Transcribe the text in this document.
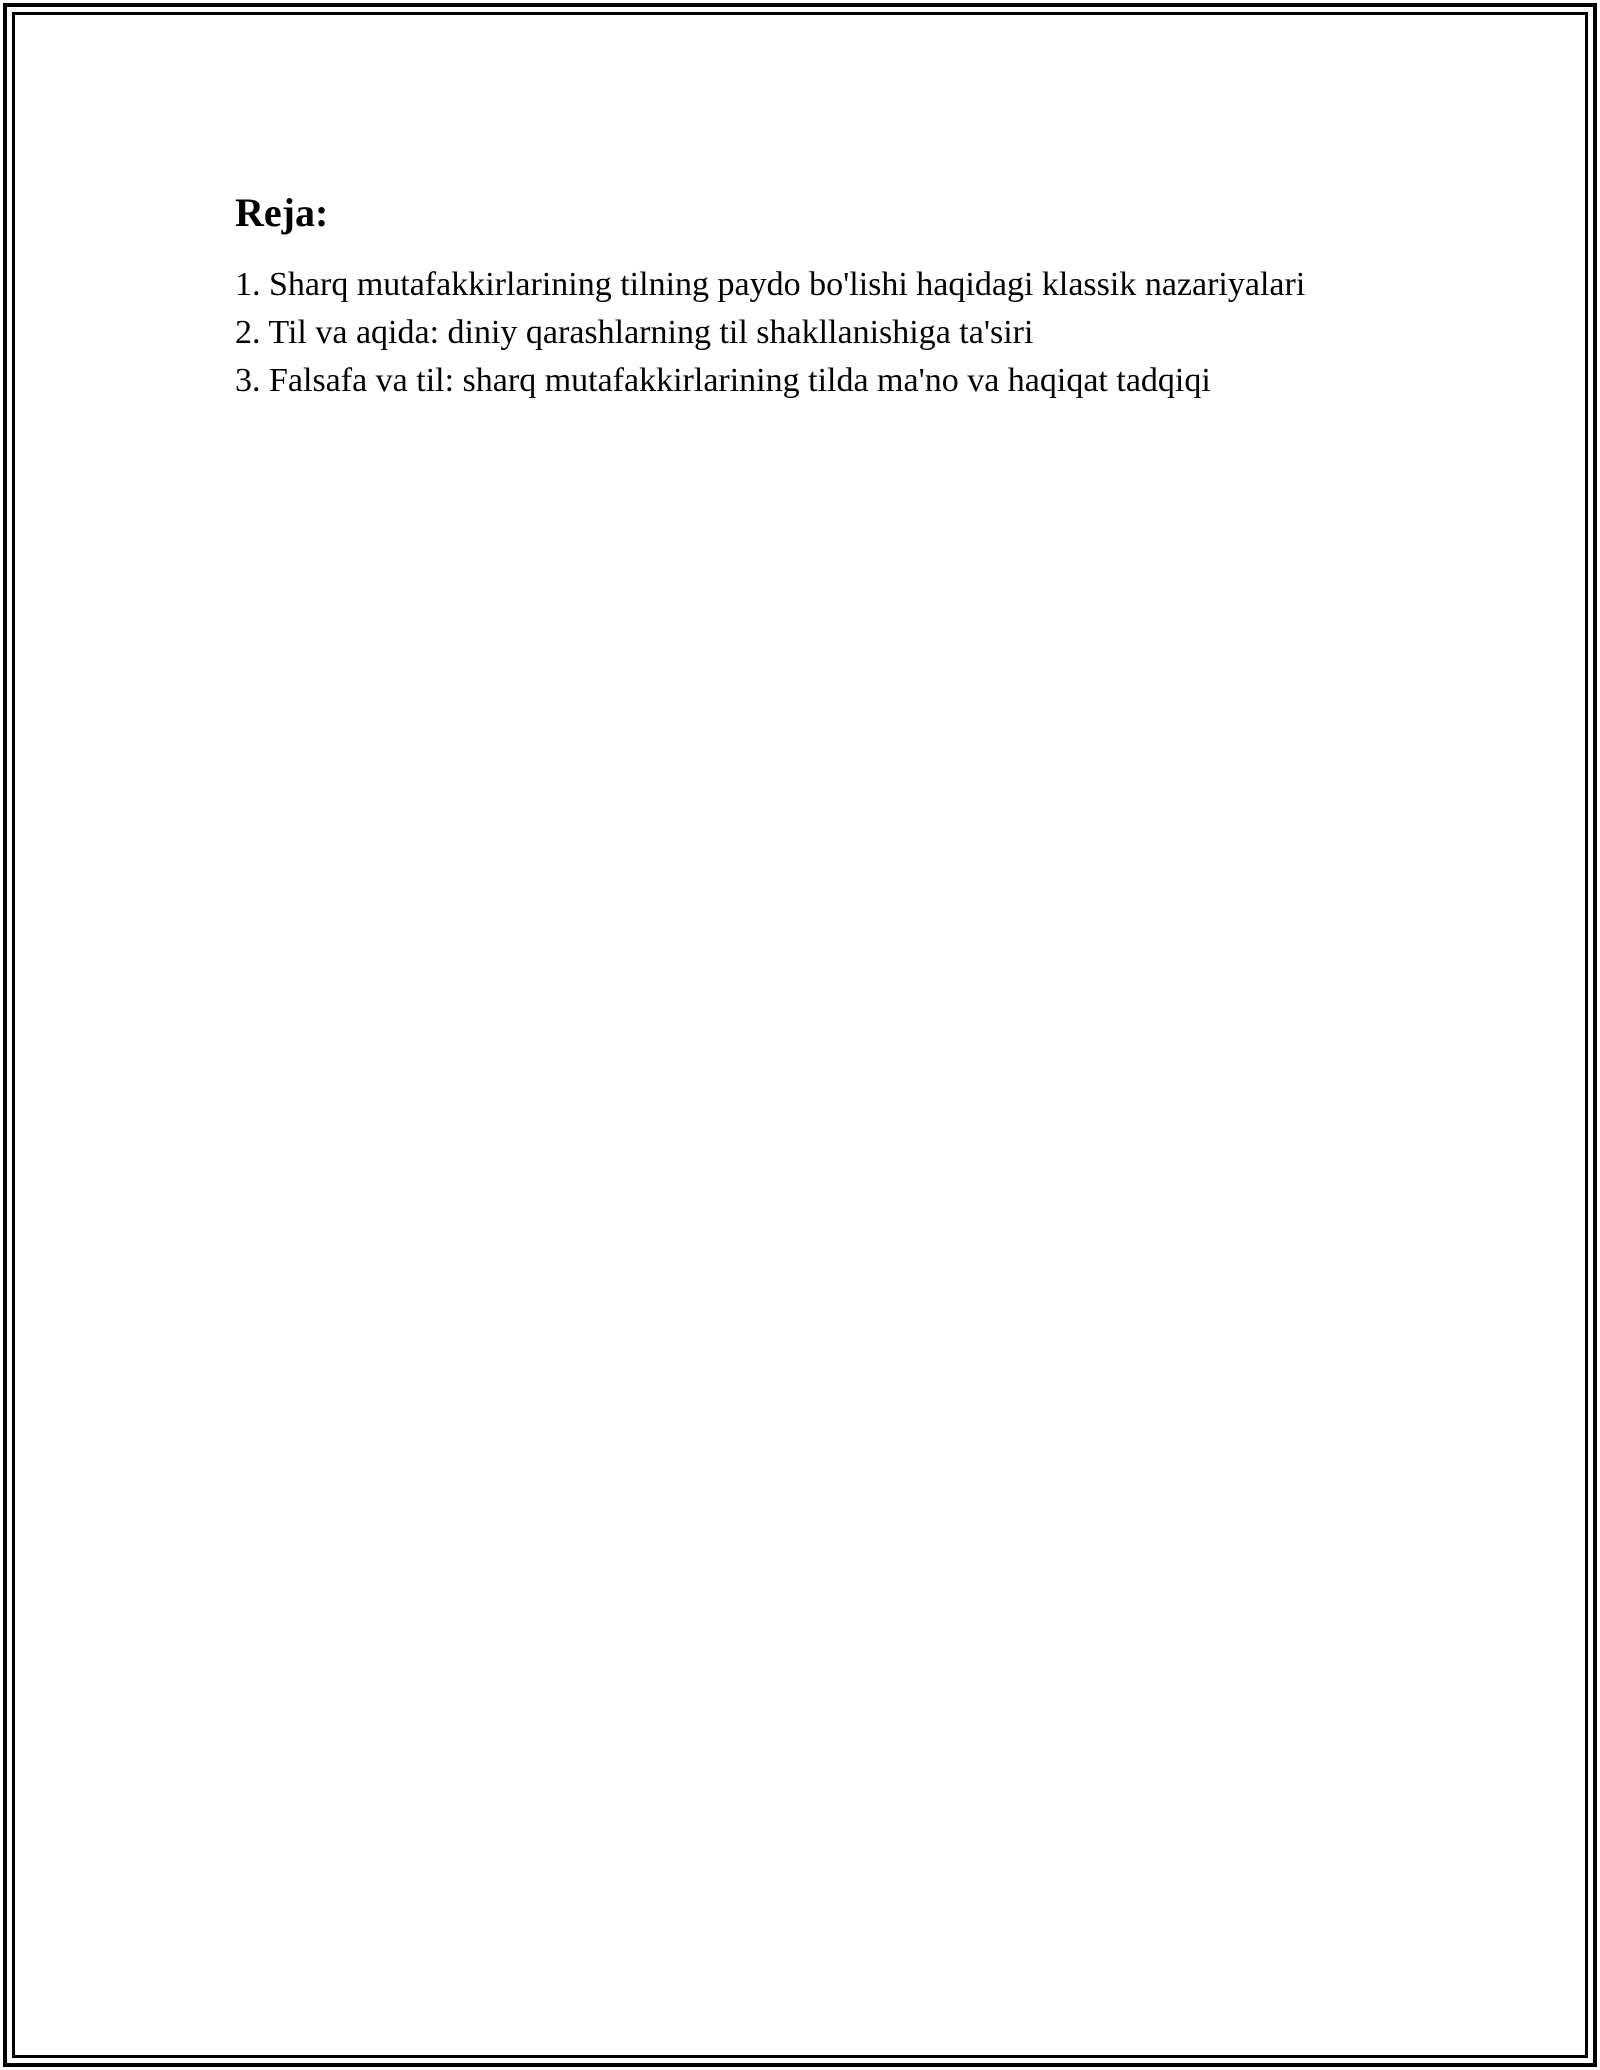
Reja:
1. Sharq mutafakkirlarining tilning paydo bo'lishi haqidagi klassik nazariyalari
2. Til va aqida: diniy qarashlarning til shakllanishiga ta'siri
3. Falsafa va til: sharq mutafakkirlarining tilda ma'no va haqiqat tadqiqi
